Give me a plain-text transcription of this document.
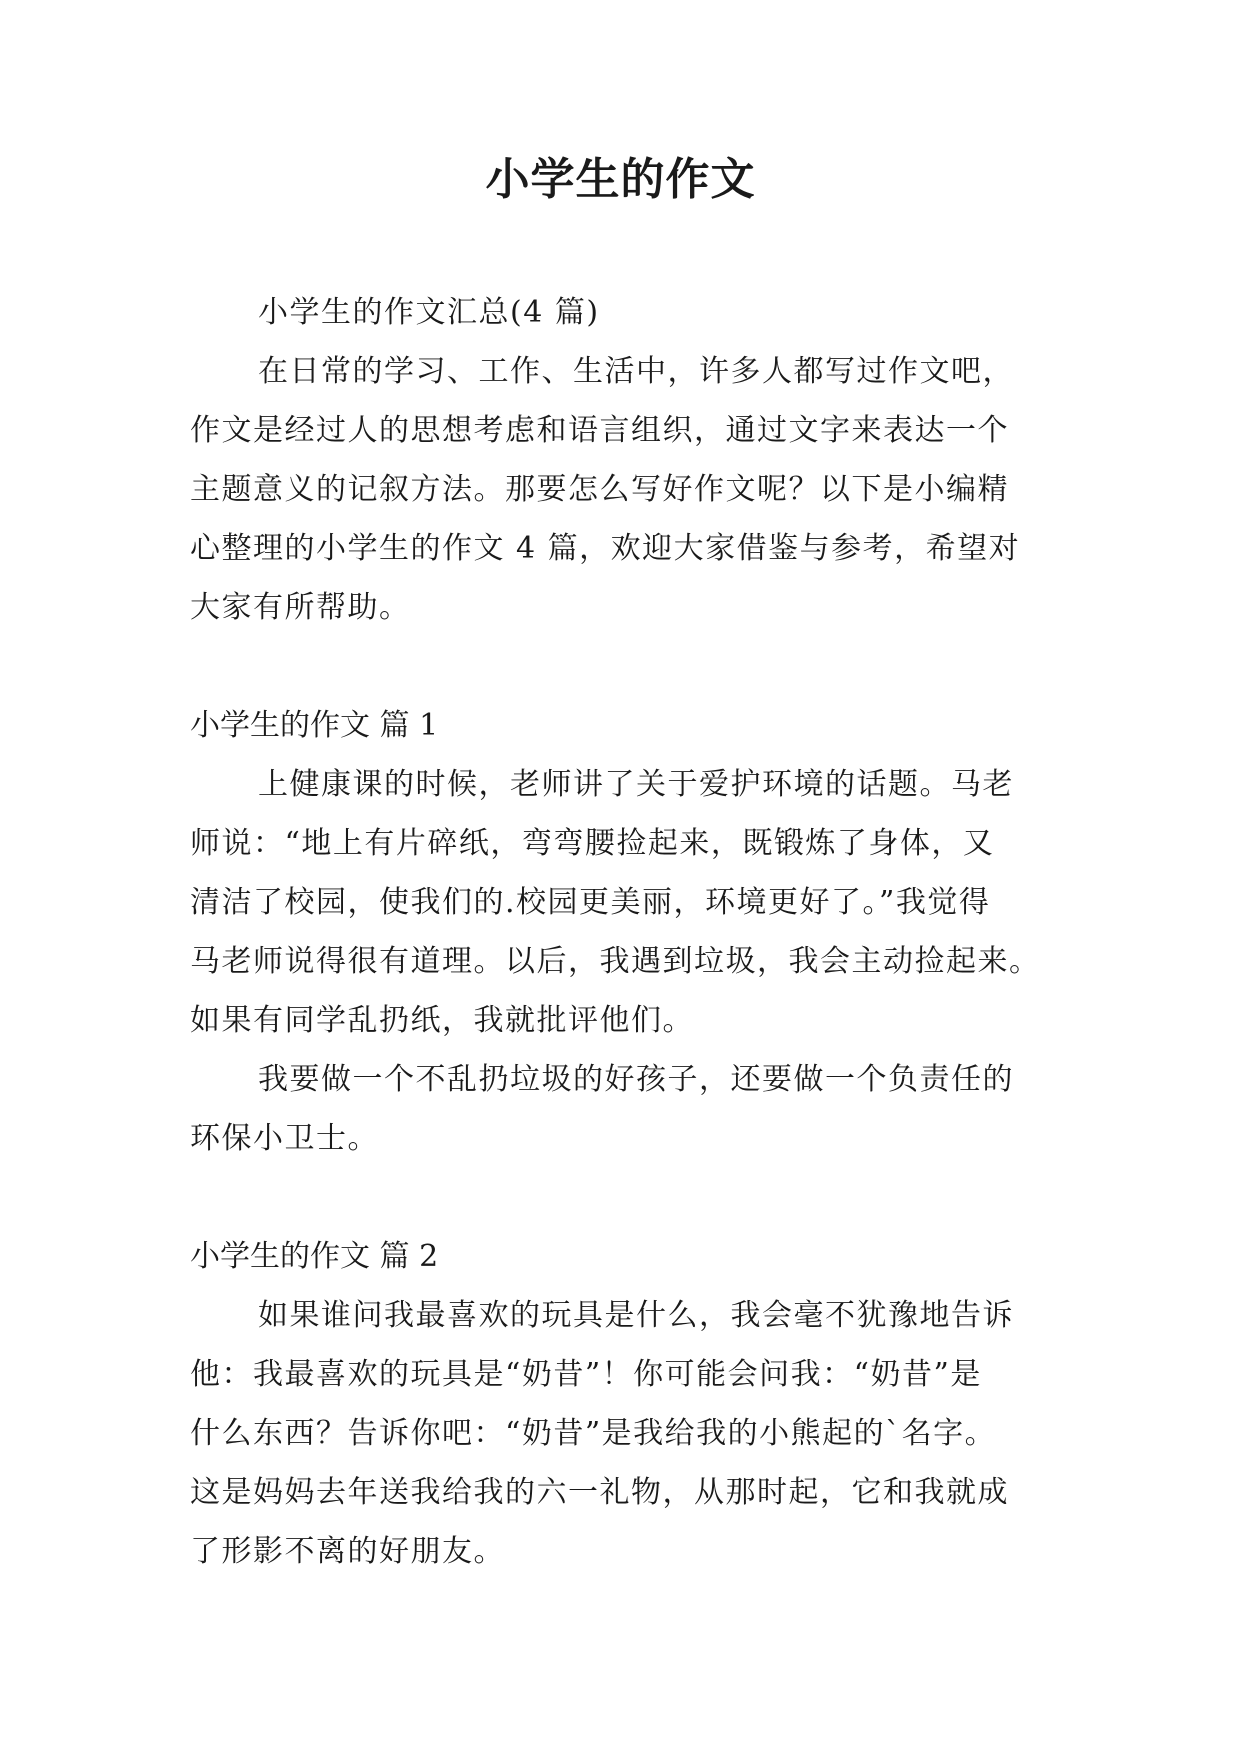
小学生的作文
小学生的作文汇总(4 篇)
在日常的学习、工作、生活中，许多人都写过作文吧，
作文是经过人的思想考虑和语言组织，通过文字来表达一个
主题意义的记叙方法。那要怎么写好作文呢？以下是小编精
心整理的小学生的作文 4 篇，欢迎大家借鉴与参考，希望对
大家有所帮助。
小学生的作文 篇 1
上健康课的时候，老师讲了关于爱护环境的话题。马老
师说：“地上有片碎纸，弯弯腰捡起来，既锻炼了身体，又
清洁了校园，使我们的.校园更美丽，环境更好了。”我觉得
马老师说得很有道理。以后，我遇到垃圾，我会主动捡起来。
如果有同学乱扔纸，我就批评他们。
我要做一个不乱扔垃圾的好孩子，还要做一个负责任的
环保小卫士。
小学生的作文 篇 2
如果谁问我最喜欢的玩具是什么，我会毫不犹豫地告诉
他：我最喜欢的玩具是“奶昔”！你可能会问我：“奶昔”是
什么东西？告诉你吧：“奶昔”是我给我的小熊起的`名字。
这是妈妈去年送我给我的六一礼物，从那时起，它和我就成
了形影不离的好朋友。
